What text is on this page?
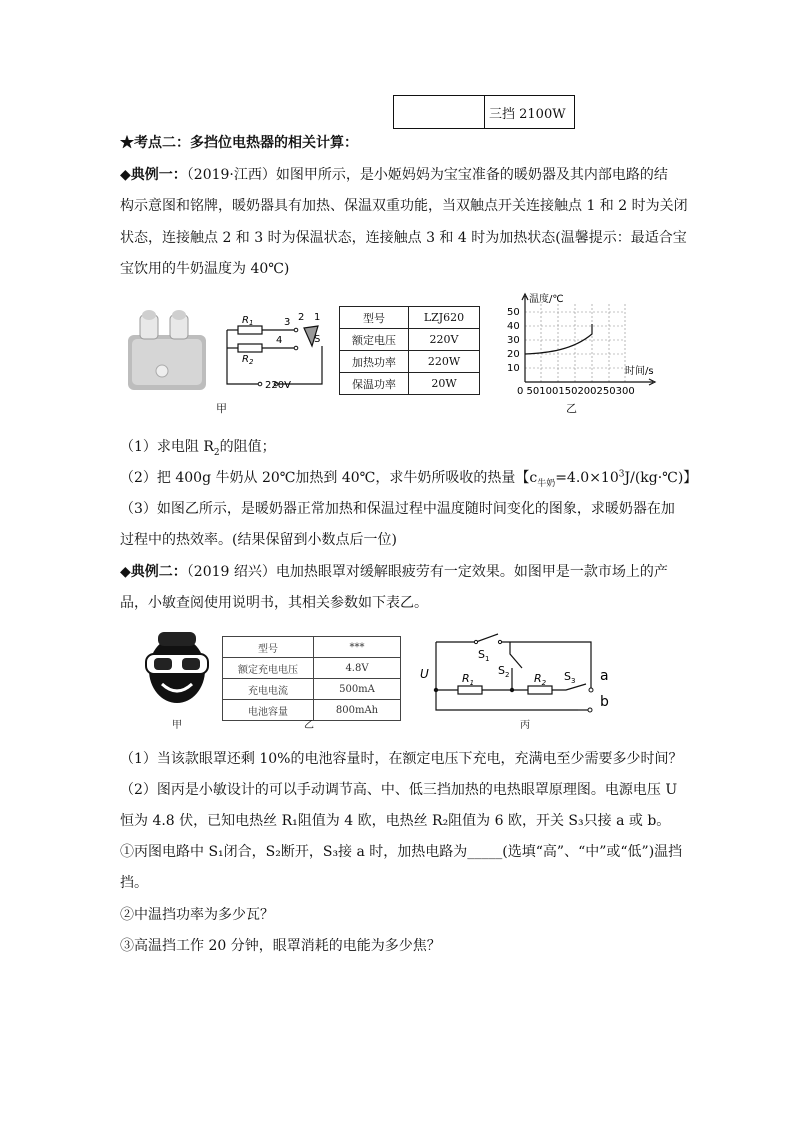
	三挡 2100W
★考点二：多挡位电热器的相关计算：
◆典例一：（2019·江西）如图甲所示，是小姬妈妈为宝宝准备的暖奶器及其内部电路的结
构示意图和铭牌，暖奶器具有加热、保温双重功能，当双触点开关连接触点 1 和 2 时为关闭
状态，连接触点 2 和 3 时为保温状态，连接触点 3 和 4 时为加热状态(温馨提示：最适合宝
宝饮用的牛奶温度为 40℃)
$R_1$
$R_2$
3
4
2 1
S
220V
型号	LZJ620
额定电压	220V
加热功率	220W
保温功率	20W
温度/℃
时间/s
50
40
30
20
10
0 50100150200250300
甲	乙
（1）求电阻 $R_2$的阻值；
（2）把 400g 牛奶从 20℃加热到 40℃，求牛奶所吸收的热量【$c_{牛奶}=4.0\times 10^3J/(kg\cdot℃)$】
（3）如图乙所示，是暖奶器正常加热和保温过程中温度随时间变化的图象，求暖奶器在加
过程中的热效率。(结果保留到小数点后一位)
◆典例二：（2019 绍兴）电加热眼罩对缓解眼疲劳有一定效果。如图甲是一款市场上的产
品，小敏查阅使用说明书，其相关参数如下表乙。
型号	***
额定充电电压	4.8V
充电电流	500mA
电池容量	800mAh
U
$S_1$
$S_2$	$S_3$
$R_1$	$R_2$	a
b
甲	乙	丙
（1）当该款眼罩还剩 10%的电池容量时，在额定电压下充电，充满电至少需要多少时间？
（2）图丙是小敏设计的可以手动调节高、中、低三挡加热的电热眼罩原理图。电源电压 U
恒为 4.8 伏，已知电热丝 R₁阻值为 4 欧，电热丝 R₂阻值为 6 欧，开关 S₃只接 a 或 b。
①丙图电路中 S₁闭合，S₂断开，S₃接 a 时，加热电路为_____(选填“高”、“中”或“低”)温挡
挡。
②中温挡功率为多少瓦？
③高温挡工作 20 分钟，眼罩消耗的电能为多少焦？
